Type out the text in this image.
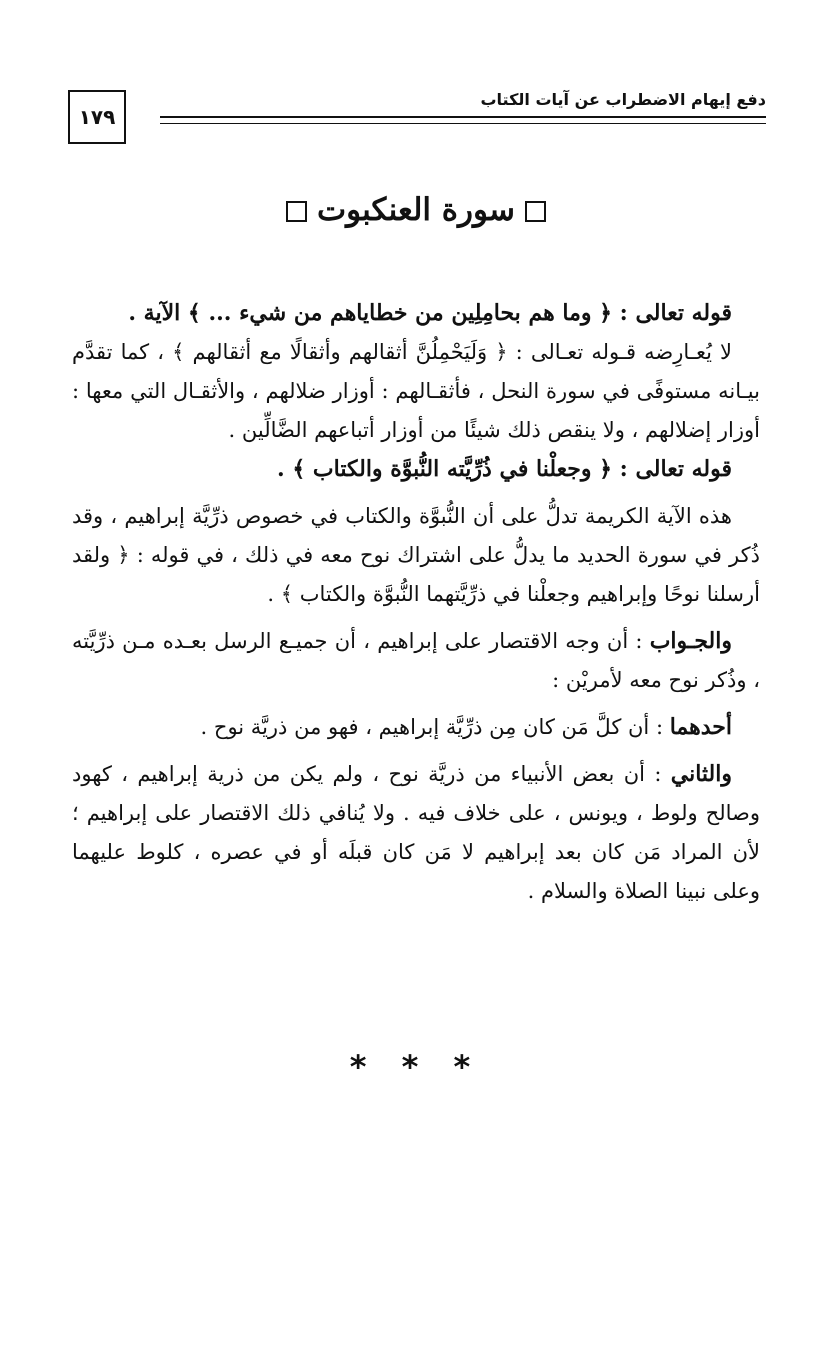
١٧٩
دفع إيهام الاضطراب عن آيات الكتاب
سورة العنكبوت

قوله تعالى : ﴿ وما هم بحامِلِين من خطاياهم من شيء ... ﴾ الآية .

لا يُعـارِضه قـوله تعـالى : ﴿ وَلَيَحْمِلُنَّ أثقالهم وأثقالًا مع أثقالهم ﴾ ، كما تقدَّم بيـانه مستوفًى في سورة النحل ، فأثقـالهم : أوزار ضلالهم ، والأثقـال التي معها : أوزار إضلالهم ، ولا ينقص ذلك شيئًا من أوزار أتباعهم الضَّالِّين .

قوله تعالى : ﴿ وجعلْنا في ذُرِّيَّته النُّبوَّة والكتاب ﴾ .

هذه الآية الكريمة تدلُّ على أن النُّبوَّة والكتاب في خصوص ذرِّيَّة إبراهيم ، وقد ذُكر في سورة الحديد ما يدلُّ على اشتراك نوح معه في ذلك ، في قوله : ﴿ ولقد أرسلنا نوحًا وإبراهيم وجعلْنا في ذرِّيَّتهما النُّبوَّة والكتاب ﴾ .

والجـواب : أن وجه الاقتصار على إبراهيم ، أن جميـع الرسل بعـده مـن ذرِّيَّته ، وذُكر نوح معه لأمريْن :

أحدهما : أن كلَّ مَن كان مِن ذرِّيَّة إبراهيم ، فهو من ذريَّة نوح .

والثاني : أن بعض الأنبياء من ذريَّة نوح ، ولم يكن من ذرية إبراهيم ، كهود وصالح ولوط ، ويونس ، على خلاف فيه . ولا يُنافي ذلك الاقتصار على إبراهيم ؛ لأن المراد مَن كان بعد إبراهيم لا مَن كان قبلَه أو في عصره ، كلوط عليهما وعلى نبينا الصلاة والسلام .

* * *
